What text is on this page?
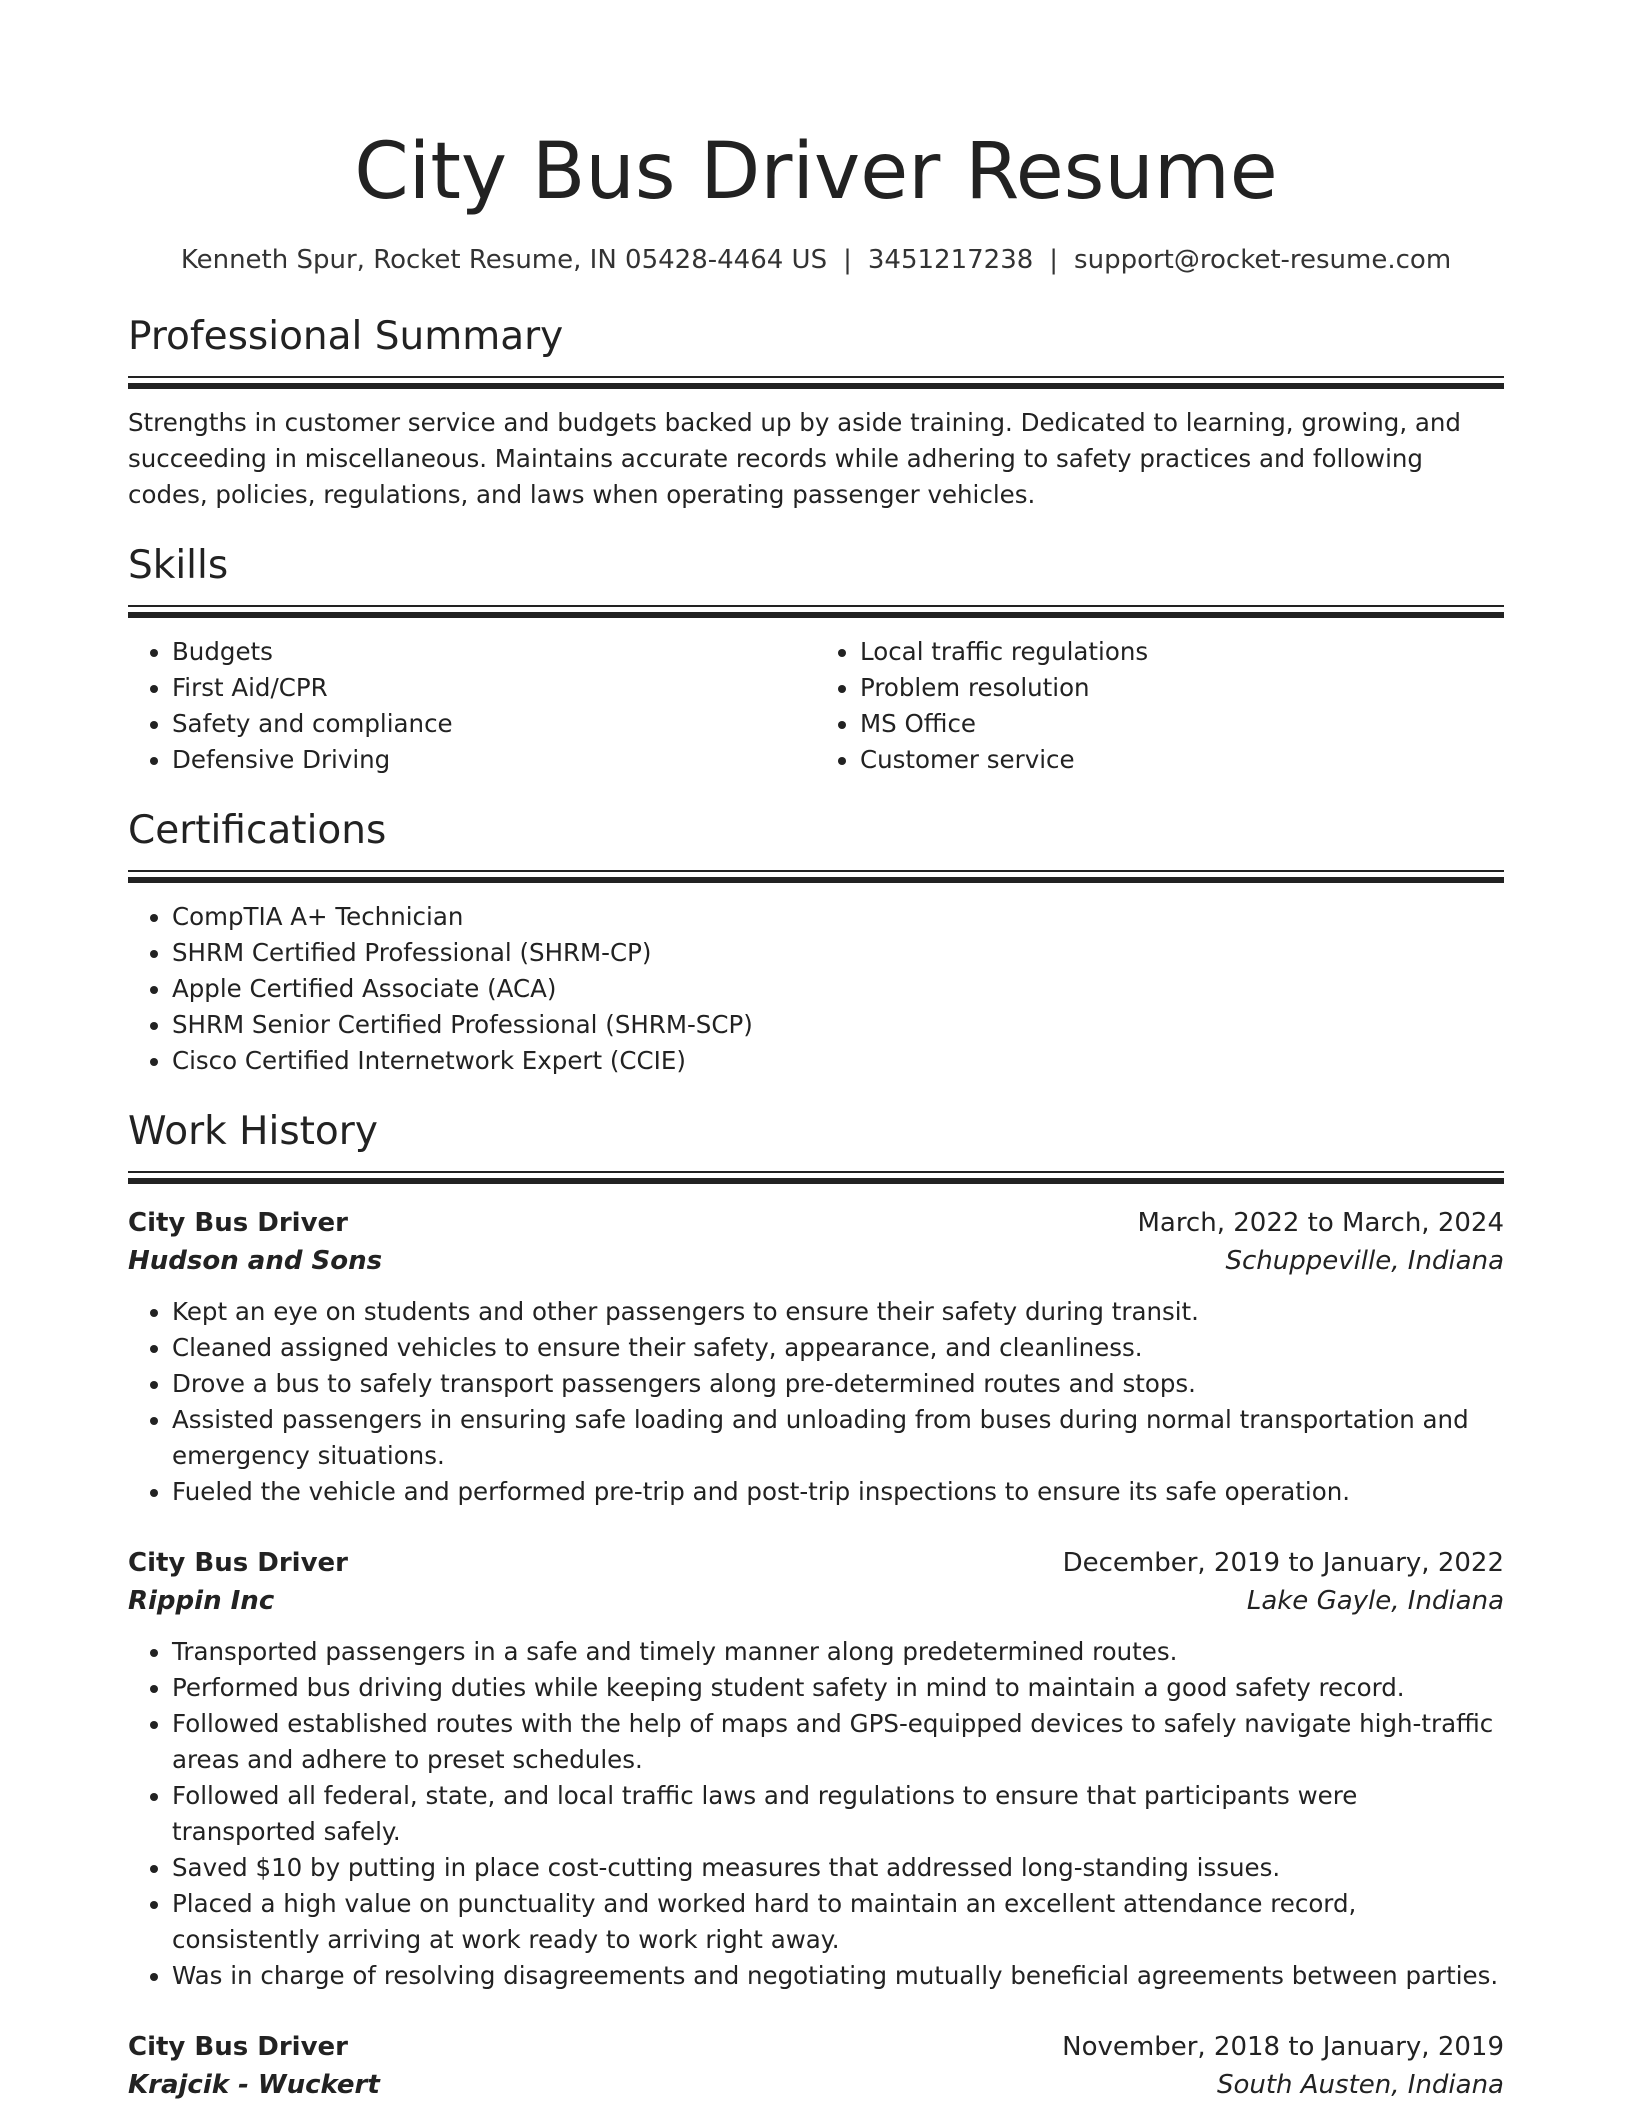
City Bus Driver Resume
Kenneth Spur, Rocket Resume, IN 05428-4464 US | 3451217238 | support@rocket-resume.com
Professional Summary
Strengths in customer service and budgets backed up by aside training. Dedicated to learning, growing, and succeeding in miscellaneous. Maintains accurate records while adhering to safety practices and following codes, policies, regulations, and laws when operating passenger vehicles.
Skills
• Budgets
• First Aid/CPR
• Safety and compliance
• Defensive Driving
• Local traffic regulations
• Problem resolution
• MS Office
• Customer service
Certifications
• CompTIA A+ Technician
• SHRM Certified Professional (SHRM-CP)
• Apple Certified Associate (ACA)
• SHRM Senior Certified Professional (SHRM-SCP)
• Cisco Certified Internetwork Expert (CCIE)
Work History
City Bus Driver	March, 2022 to March, 2024
Hudson and Sons	Schuppeville, Indiana
• Kept an eye on students and other passengers to ensure their safety during transit.
• Cleaned assigned vehicles to ensure their safety, appearance, and cleanliness.
• Drove a bus to safely transport passengers along pre-determined routes and stops.
• Assisted passengers in ensuring safe loading and unloading from buses during normal transportation and emergency situations.
• Fueled the vehicle and performed pre-trip and post-trip inspections to ensure its safe operation.
City Bus Driver	December, 2019 to January, 2022
Rippin Inc	Lake Gayle, Indiana
• Transported passengers in a safe and timely manner along predetermined routes.
• Performed bus driving duties while keeping student safety in mind to maintain a good safety record.
• Followed established routes with the help of maps and GPS-equipped devices to safely navigate high-traffic areas and adhere to preset schedules.
• Followed all federal, state, and local traffic laws and regulations to ensure that participants were transported safely.
• Saved $10 by putting in place cost-cutting measures that addressed long-standing issues.
• Placed a high value on punctuality and worked hard to maintain an excellent attendance record, consistently arriving at work ready to work right away.
• Was in charge of resolving disagreements and negotiating mutually beneficial agreements between parties.
City Bus Driver	November, 2018 to January, 2019
Krajcik - Wuckert	South Austen, Indiana
